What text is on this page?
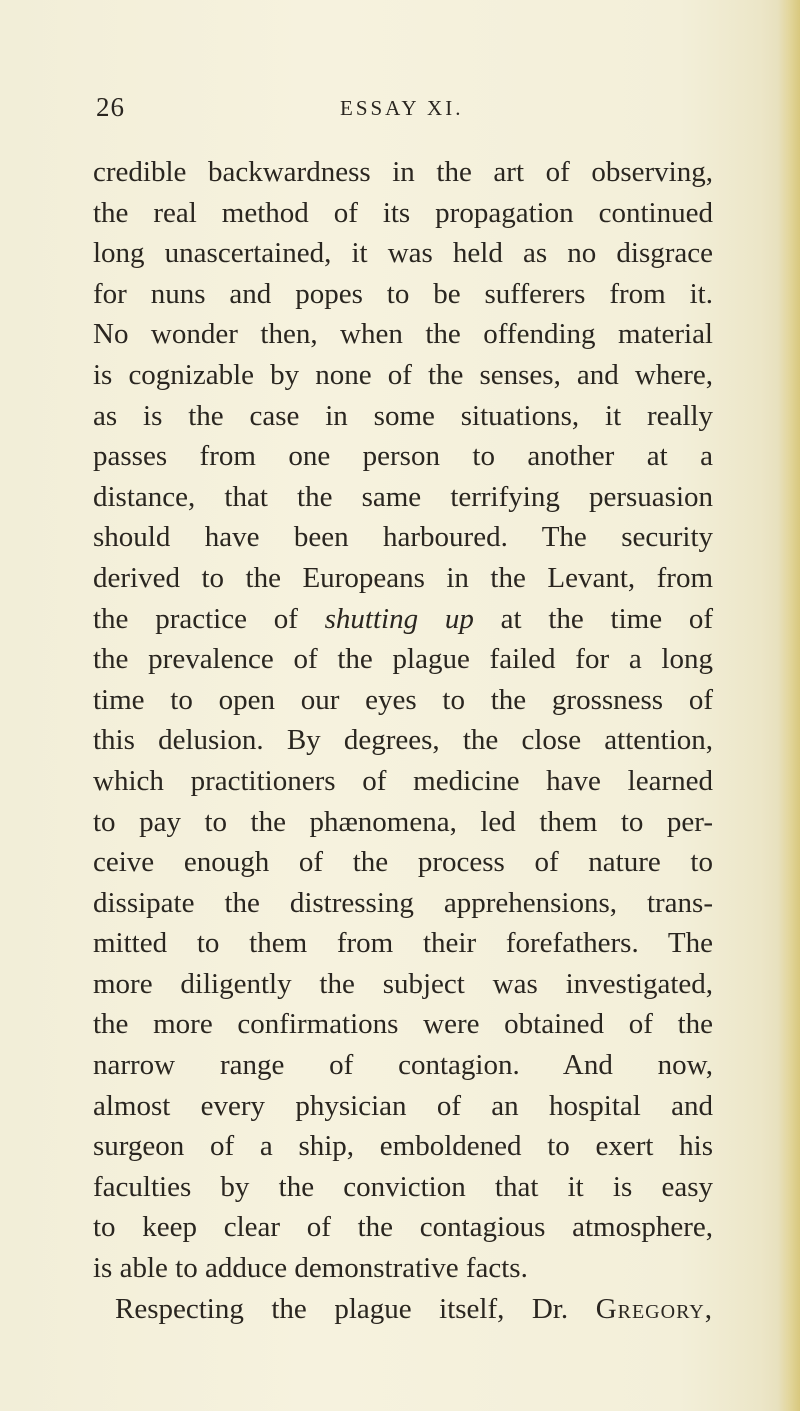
26	ESSAY XI.
credible backwardness in the art of observing,
the real method of its propagation continued
long unascertained, it was held as no disgrace
for nuns and popes to be sufferers from it.
No wonder then, when the offending material
is cognizable by none of the senses, and where,
as is the case in some situations, it really
passes from one person to another at a
distance, that the same terrifying persuasion
should have been harboured. The security
derived to the Europeans in the Levant, from
the practice of shutting up at the time of
the prevalence of the plague failed for a long
time to open our eyes to the grossness of
this delusion. By degrees, the close attention,
which practitioners of medicine have learned
to pay to the phænomena, led them to per-
ceive enough of the process of nature to
dissipate the distressing apprehensions, trans-
mitted to them from their forefathers. The
more diligently the subject was investigated,
the more confirmations were obtained of the
narrow range of contagion. And now,
almost every physician of an hospital and
surgeon of a ship, emboldened to exert his
faculties by the conviction that it is easy
to keep clear of the contagious atmosphere,
is able to adduce demonstrative facts.
Respecting the plague itself, Dr. Gregory,
